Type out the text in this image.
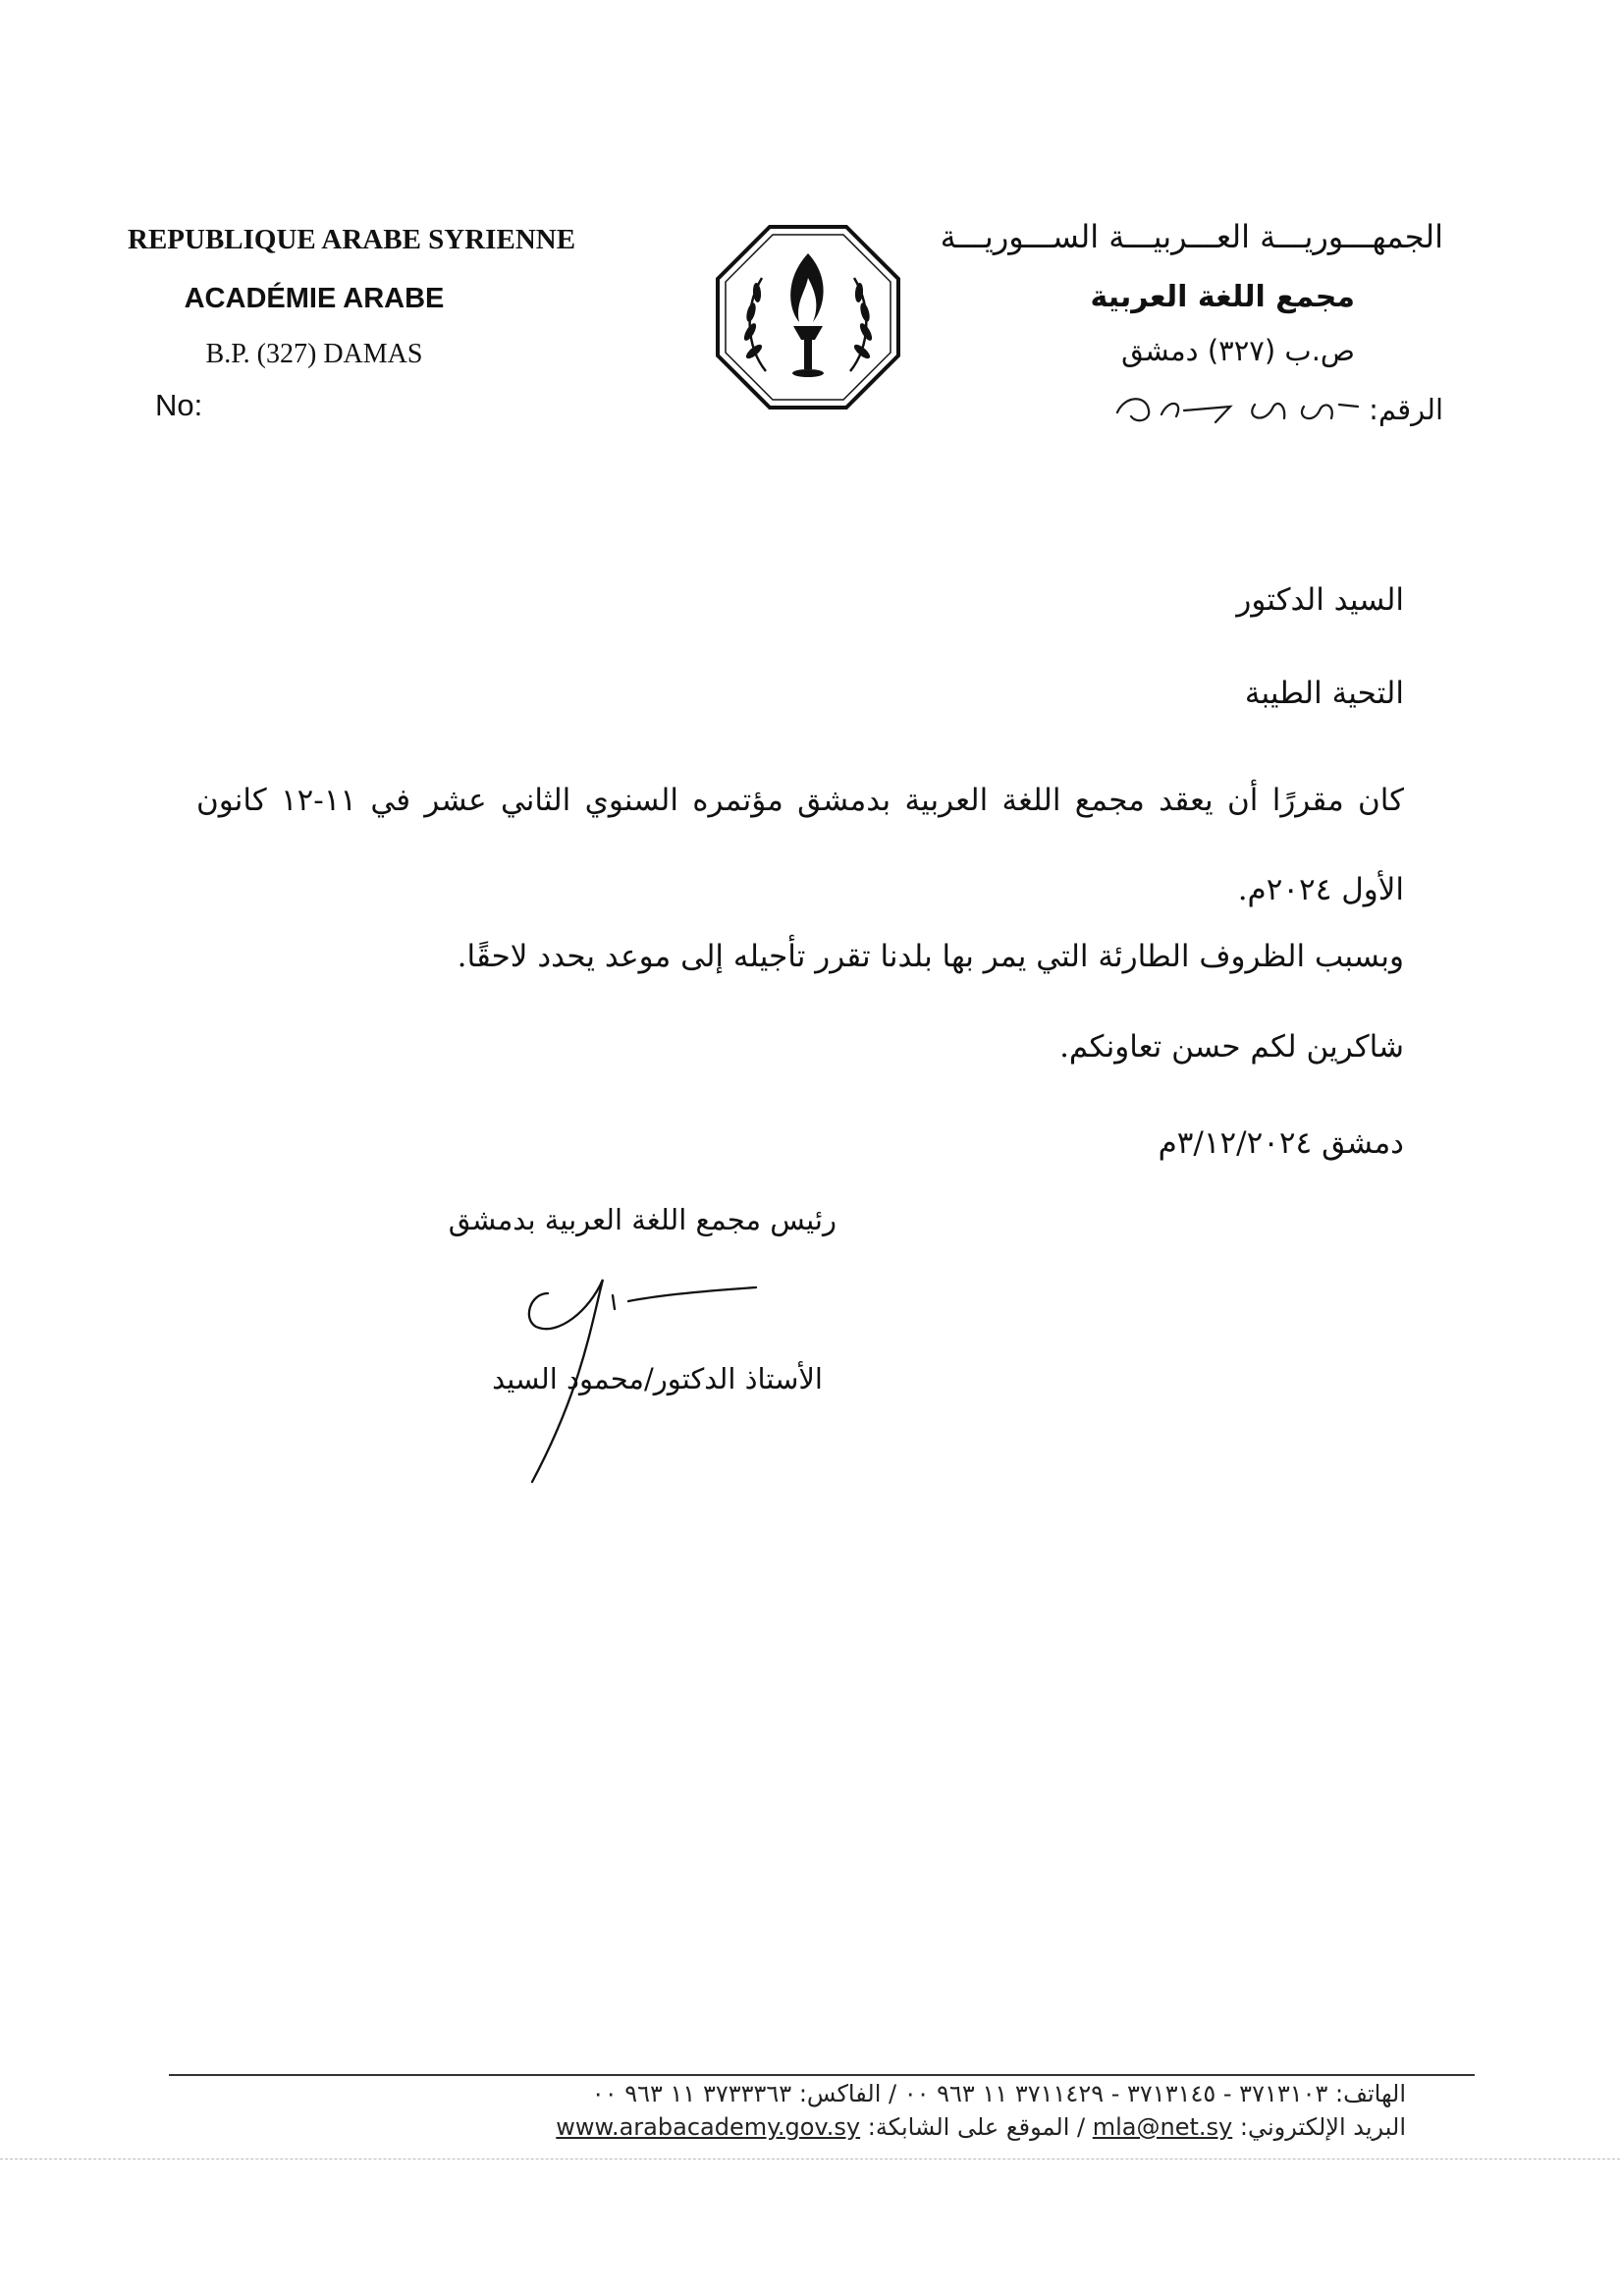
REPUBLIQUE ARABE SYRIENNE
ACADÉMIE ARABE
B.P. (327) DAMAS
No:
الجمهـــوريـــة العـــربيـــة الســـوريـــة
مجمع اللغة العربية
ص.ب (٣٢٧) دمشق
الرقم:
السيد الدكتور
التحية الطيبة
كان مقررًا أن يعقد مجمع اللغة العربية بدمشق مؤتمره السنوي الثاني عشر في ١١-١٢ كانون الأول ٢٠٢٤م.
وبسبب الظروف الطارئة التي يمر بها بلدنا تقرر تأجيله إلى موعد يحدد لاحقًا.
شاكرين لكم حسن تعاونكم.
دمشق ٣/١٢/٢٠٢٤م
رئيس مجمع اللغة العربية بدمشق
الأستاذ الدكتور/محمود السيد
الهاتف: ٣٧١٣١٠٣ - ٣٧١٣١٤٥ - ٣٧١١٤٢٩ ١١ ٩٦٣ ٠٠ / الفاكس: ٣٧٣٣٣٦٣ ١١ ٩٦٣ ٠٠
البريد الإلكتروني: mla@net.sy / الموقع على الشابكة: www.arabacademy.gov.sy
